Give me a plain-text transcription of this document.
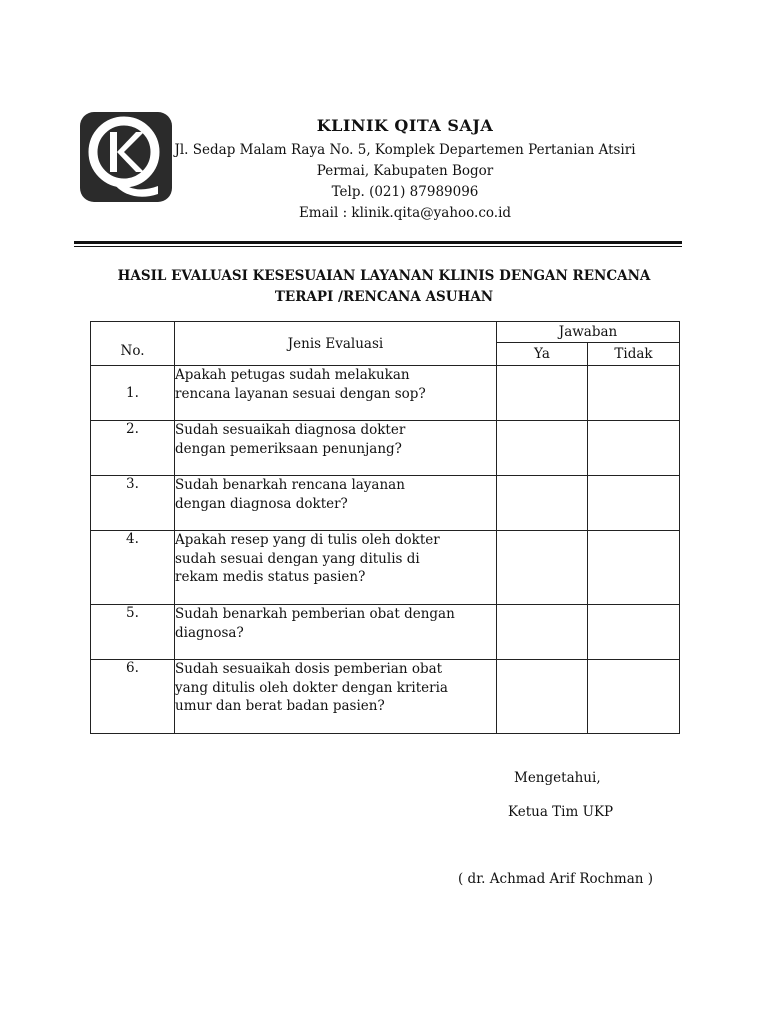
KLINIK QITA SAJA
Jl. Sedap Malam Raya No. 5, Komplek Departemen Pertanian Atsiri
Permai, Kabupaten Bogor
Telp. (021) 87989096
Email : klinik.qita@yahoo.co.id
HASIL EVALUASI KESESUAIAN LAYANAN KLINIS DENGAN RENCANA
TERAPI /RENCANA ASUHAN
No.	Jenis Evaluasi	Jawaban	
		Ya	Tidak
1.	Apakah petugas sudah melakukan
rencana layanan sesuai dengan sop?		

2.	Sudah sesuaikah diagnosa dokter
dengan pemeriksaan penunjang?		

3.	Sudah benarkah rencana layanan
dengan diagnosa dokter?		

4.	Apakah resep yang di tulis oleh dokter
sudah sesuai dengan yang ditulis di
rekam medis status pasien?		

5.	Sudah benarkah pemberian obat dengan
diagnosa?		

6.	Sudah sesuaikah dosis pemberian obat
yang ditulis oleh dokter dengan kriteria
umur dan berat badan pasien?		

Mengetahui,
Ketua Tim UKP
( dr. Achmad Arif Rochman )
